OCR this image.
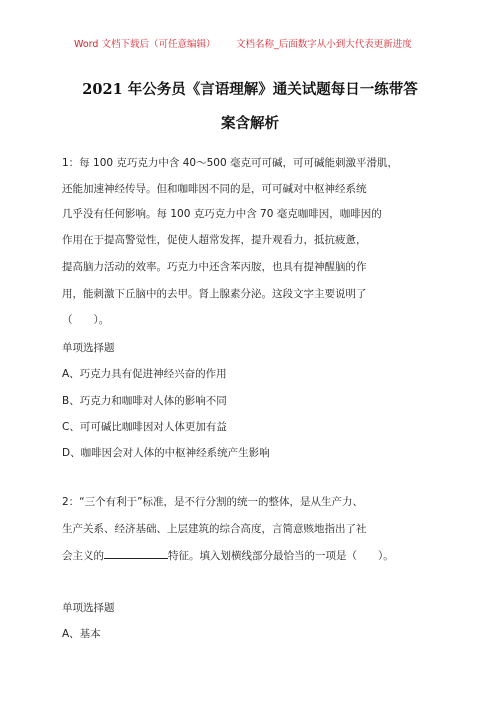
Word 文档下载后（可任意编辑） 文档名称_后面数字从小到大代表更新进度
2021 年公务员《言语理解》通关试题每日一练带答
案含解析
1：每 100 克巧克力中含 40～500 毫克可可碱，可可碱能刺激平滑肌，
还能加速神经传导。但和咖啡因不同的是，可可碱对中枢神经系统
几乎没有任何影响。每 100 克巧克力中含 70 毫克咖啡因，咖啡因的
作用在于提高警觉性，促使人超常发挥，提升观看力，抵抗疲惫，
提高脑力活动的效率。巧克力中还含苯丙胺，也具有提神醒脑的作
用，能刺激下丘脑中的去甲。肾上腺素分泌。这段文字主要说明了
（　　）。
单项选择题
A、巧克力具有促进神经兴奋的作用
B、巧克力和咖啡对人体的影响不同
C、可可碱比咖啡因对人体更加有益
D、咖啡因会对人体的中枢神经系统产生影响
2：“三个有利于”标准，是不行分割的统一的整体，是从生产力、
生产关系、经济基础、上层建筑的综合高度，言简意赅地指出了社
会主义的	特征。填入划横线部分最恰当的一项是（　　）。
单项选择题
A、基本
